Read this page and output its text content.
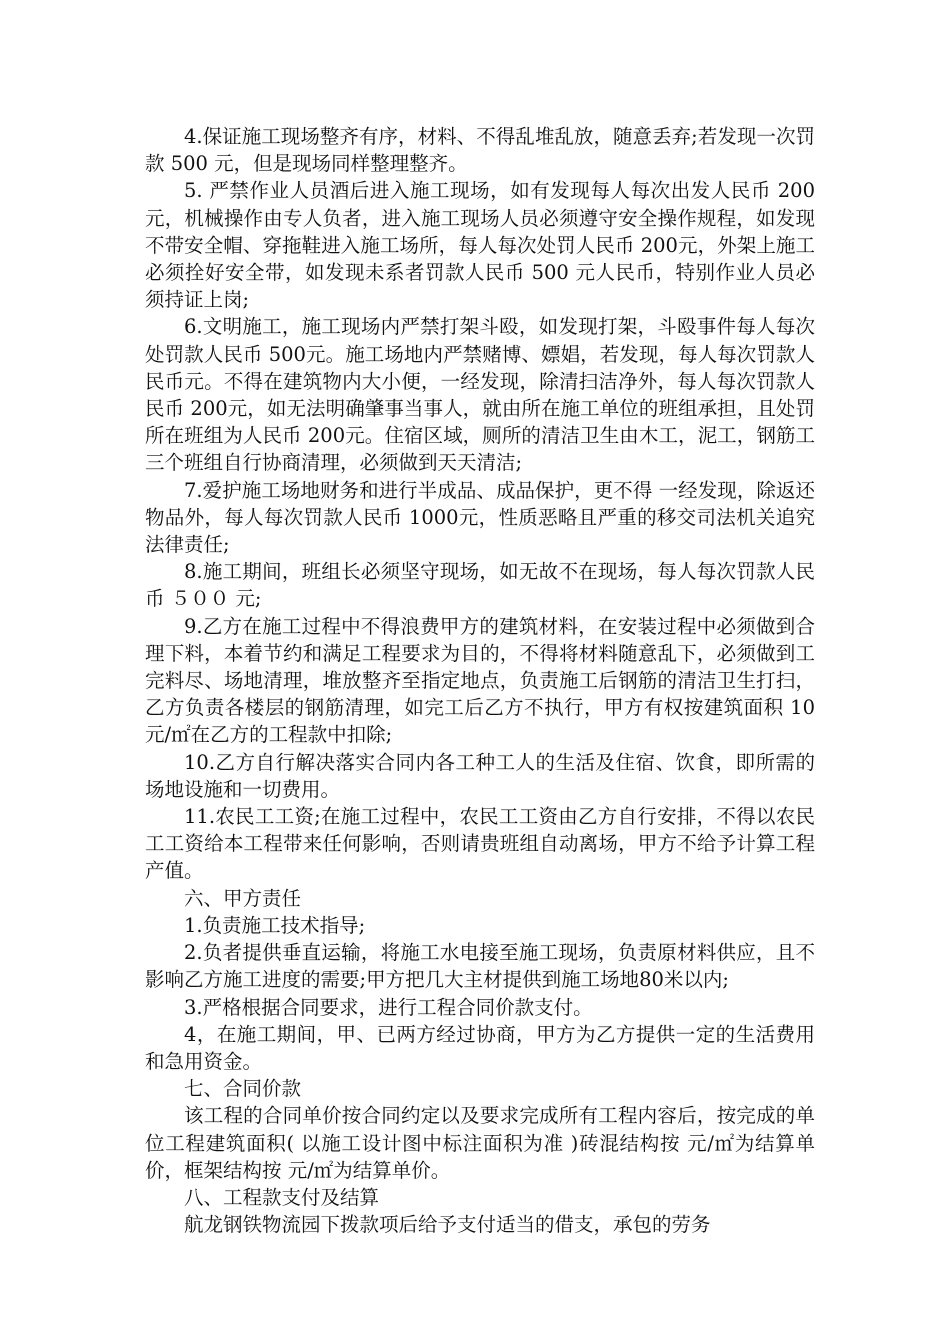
4.保证施工现场整齐有序，材料、不得乱堆乱放，随意丢弃;若发现一次罚款 500 元，但是现场同样整理整齐。

5. 严禁作业人员酒后进入施工现场，如有发现每人每次出发人民币 200元，机械操作由专人负者，进入施工现场人员必须遵守安全操作规程，如发现不带安全帽、穿拖鞋进入施工场所，每人每次处罚人民币 200元，外架上施工必须拴好安全带，如发现未系者罚款人民币 500 元人民币，特别作业人员必须持证上岗;

6.文明施工，施工现场内严禁打架斗殴，如发现打架，斗殴事件每人每次处罚款人民币 500元。施工场地内严禁赌博、嫖娼，若发现，每人每次罚款人民币元。不得在建筑物内大小便，一经发现，除清扫洁净外，每人每次罚款人民币 200元，如无法明确肇事当事人，就由所在施工单位的班组承担，且处罚所在班组为人民币 200元。住宿区域，厕所的清洁卫生由木工，泥工，钢筋工三个班组自行协商清理，必须做到天天清洁;

7.爱护施工场地财务和进行半成品、成品保护，更不得 一经发现，除返还物品外，每人每次罚款人民币 1000元，性质恶略且严重的移交司法机关追究法律责任;

8.施工期间，班组长必须坚守现场，如无故不在现场，每人每次罚款人民币 ５００ 元;

9.乙方在施工过程中不得浪费甲方的建筑材料，在安装过程中必须做到合理下料，本着节约和满足工程要求为目的，不得将材料随意乱下，必须做到工完料尽、场地清理，堆放整齐至指定地点，负责施工后钢筋的清洁卫生打扫，乙方负责各楼层的钢筋清理，如完工后乙方不执行，甲方有权按建筑面积 10元/㎡在乙方的工程款中扣除;

10.乙方自行解决落实合同内各工种工人的生活及住宿、饮食，即所需的场地设施和一切费用。

11.农民工工资;在施工过程中，农民工工资由乙方自行安排，不得以农民工工资给本工程带来任何影响，否则请贵班组自动离场，甲方不给予计算工程产值。

六、甲方责任

1.负责施工技术指导;

2.负者提供垂直运输，将施工水电接至施工现场，负责原材料供应，且不影响乙方施工进度的需要;甲方把几大主材提供到施工场地80米以内;

3.严格根据合同要求，进行工程合同价款支付。

4，在施工期间，甲、已两方经过协商，甲方为乙方提供一定的生活费用和急用资金。

七、合同价款

该工程的合同单价按合同约定以及要求完成所有工程内容后，按完成的单位工程建筑面积( 以施工设计图中标注面积为准 )砖混结构按 元/㎡为结算单价，框架结构按 元/㎡为结算单价。

八、工程款支付及结算

航龙钢铁物流园下拨款项后给予支付适当的借支，承包的劳务
